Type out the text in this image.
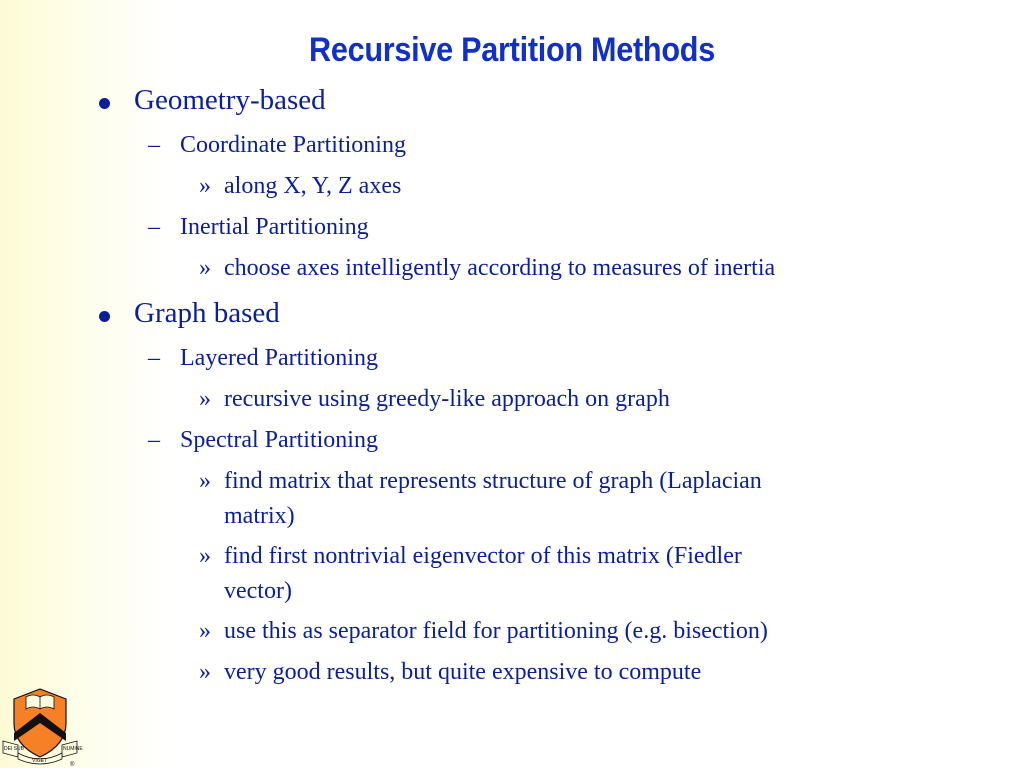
Recursive Partition Methods
Geometry-based
– Coordinate Partitioning
» along X, Y, Z axes
– Inertial Partitioning
» choose axes intelligently according to measures of inertia
Graph based
– Layered Partitioning
» recursive using greedy-like approach on graph
– Spectral Partitioning
» find matrix that represents structure of graph (Laplacian
matrix)
» find first nontrivial eigenvector of this matrix (Fiedler
vector)
» use this as separator field for partitioning (e.g. bisection)
» very good results, but quite expensive to compute
DEI SUB	NUMINE
VIGET
®
